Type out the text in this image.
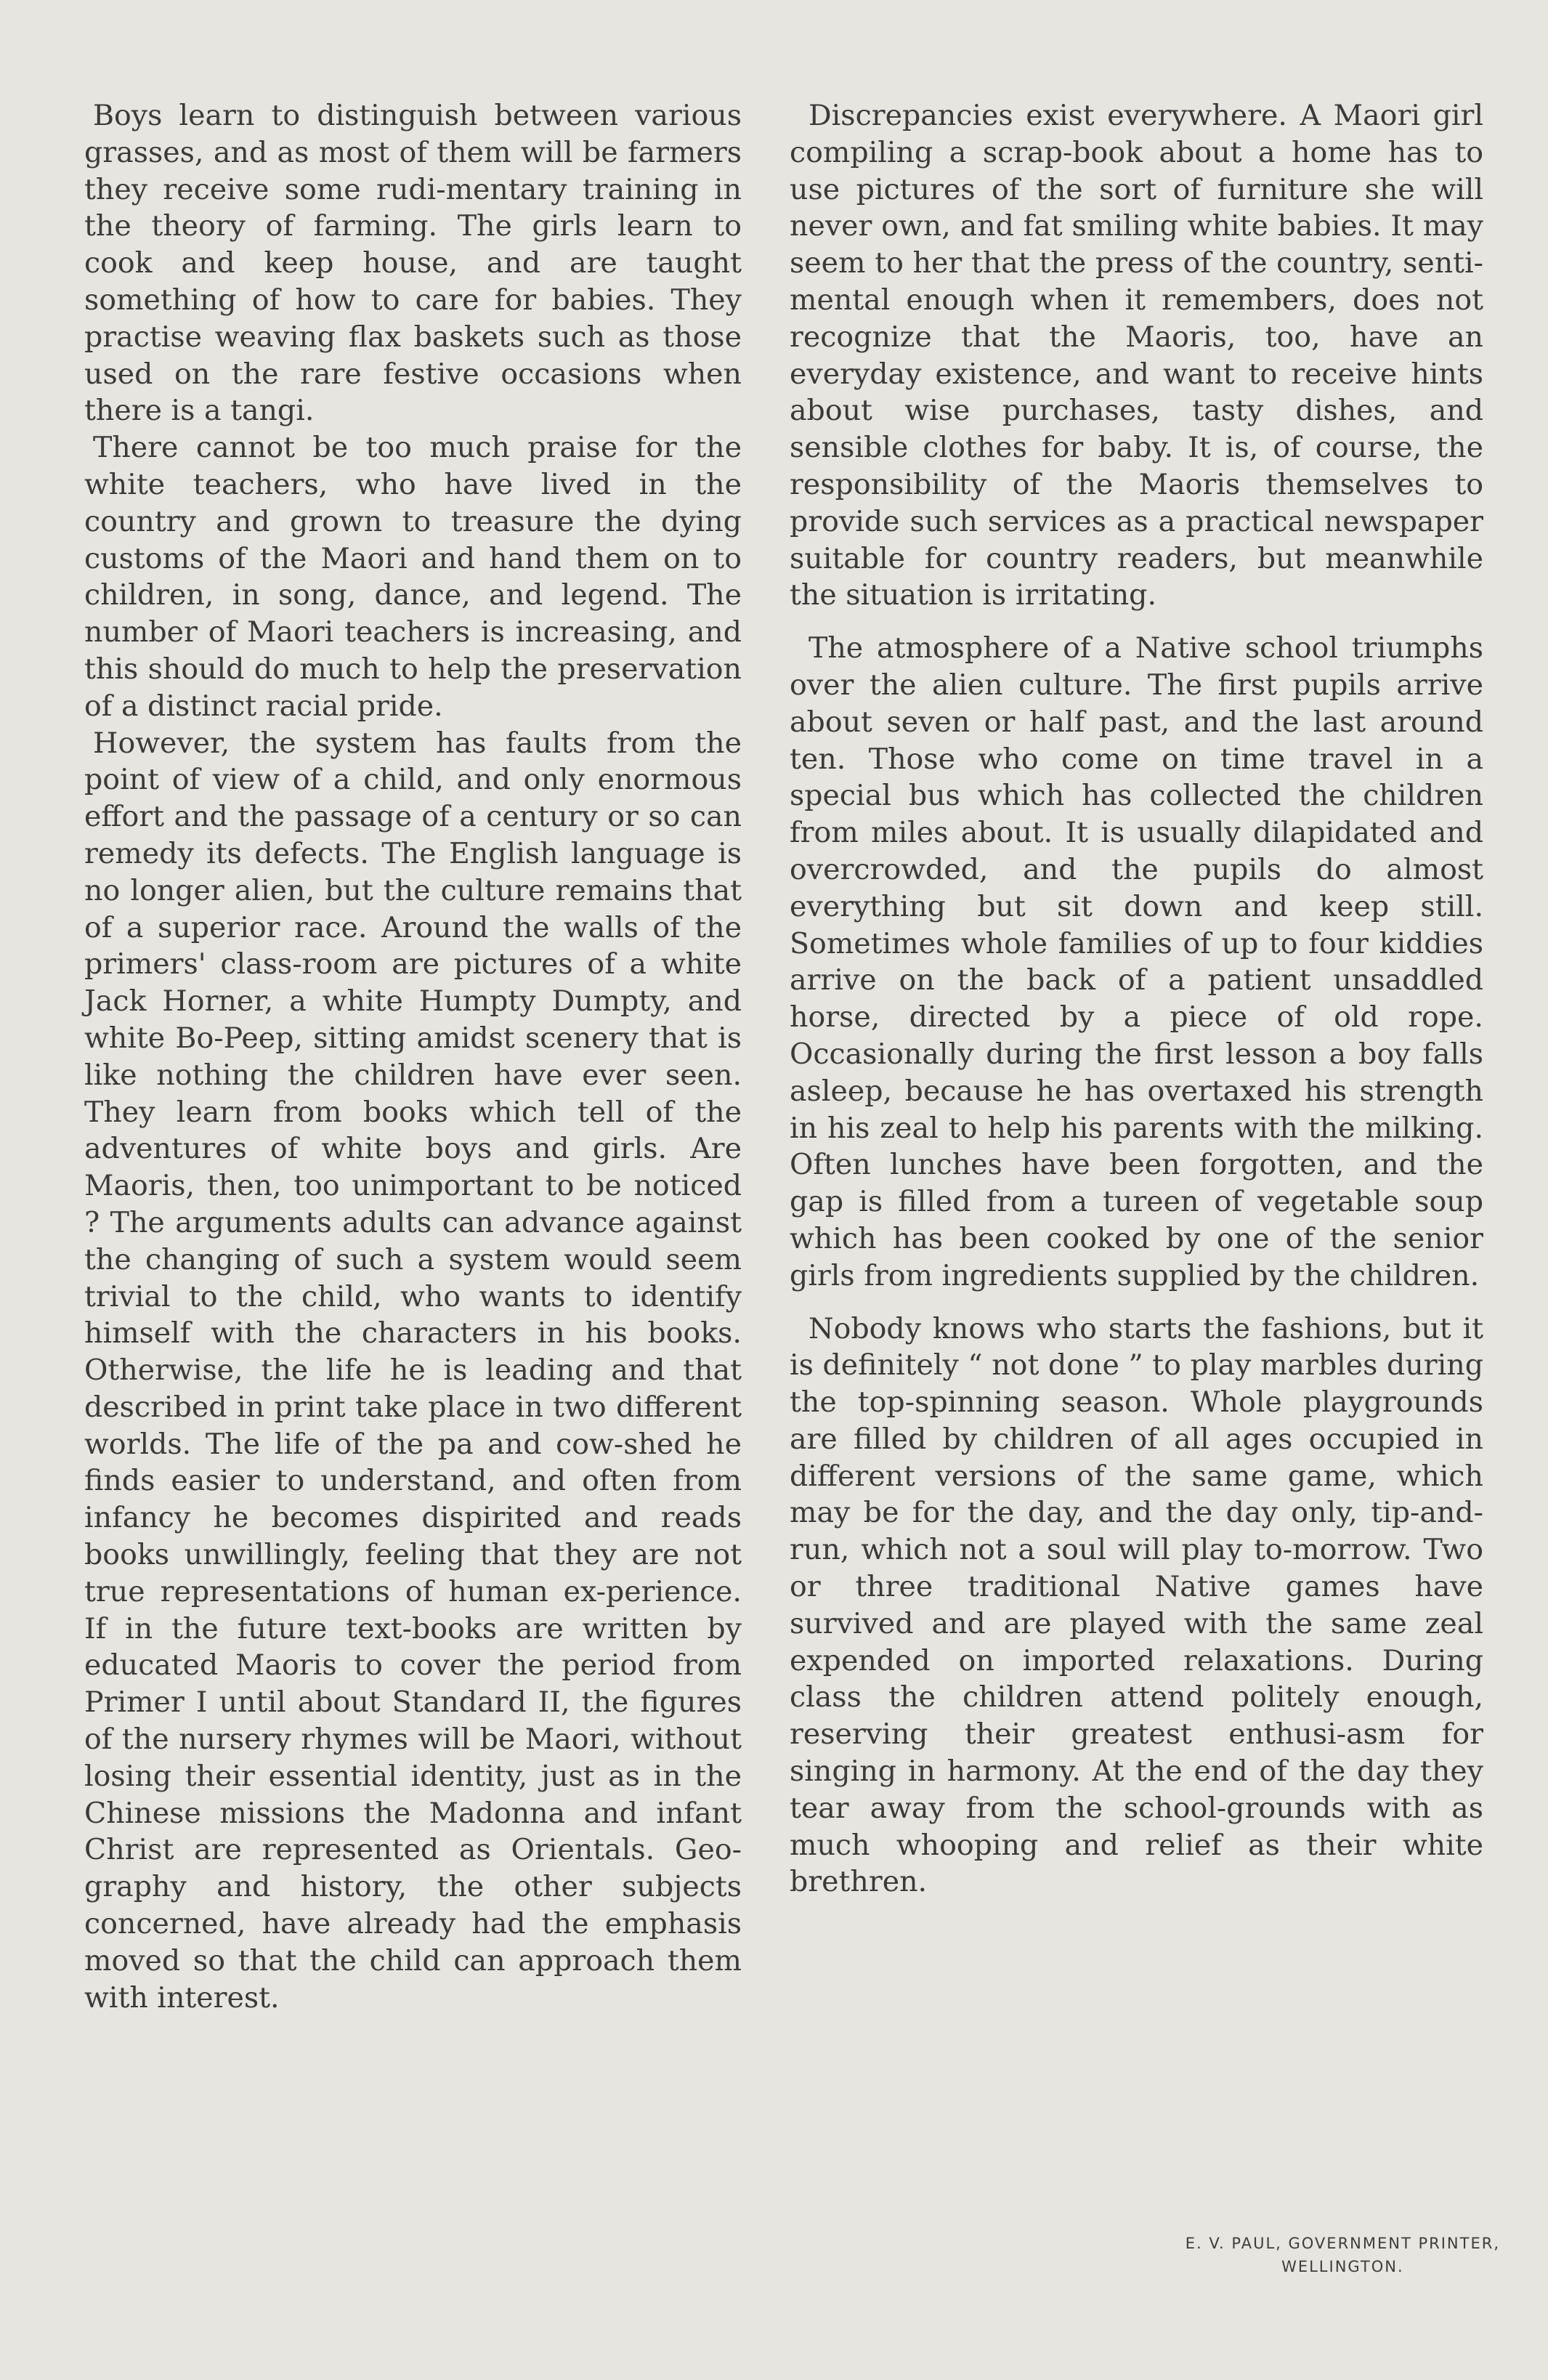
Boys learn to distinguish between various grasses, and as most of them will be farmers they receive some rudi-mentary training in the theory of farming. The girls learn to cook and keep house, and are taught something of how to care for babies. They practise weaving flax baskets such as those used on the rare festive occasions when there is a tangi.

There cannot be too much praise for the white teachers, who have lived in the country and grown to treasure the dying customs of the Maori and hand them on to children, in song, dance, and legend. The number of Maori teachers is increasing, and this should do much to help the preservation of a distinct racial pride.

However, the system has faults from the point of view of a child, and only enormous effort and the passage of a century or so can remedy its defects. The English language is no longer alien, but the culture remains that of a superior race. Around the walls of the primers' class-room are pictures of a white Jack Horner, a white Humpty Dumpty, and white Bo-Peep, sitting amidst scenery that is like nothing the children have ever seen. They learn from books which tell of the adventures of white boys and girls. Are Maoris, then, too unimportant to be noticed ? The arguments adults can advance against the changing of such a system would seem trivial to the child, who wants to identify himself with the characters in his books. Otherwise, the life he is leading and that described in print take place in two different worlds. The life of the pa and cow-shed he finds easier to understand, and often from infancy he becomes dispirited and reads books unwillingly, feeling that they are not true representations of human ex-perience. If in the future text-books are written by educated Maoris to cover the period from Primer I until about Standard II, the figures of the nursery rhymes will be Maori, without losing their essential identity, just as in the Chinese missions the Madonna and infant Christ are represented as Orientals. Geo-graphy and history, the other subjects concerned, have already had the emphasis moved so that the child can approach them with interest.

Discrepancies exist everywhere. A Maori girl compiling a scrap-book about a home has to use pictures of the sort of furniture she will never own, and fat smiling white babies. It may seem to her that the press of the country, senti-mental enough when it remembers, does not recognize that the Maoris, too, have an everyday existence, and want to receive hints about wise purchases, tasty dishes, and sensible clothes for baby. It is, of course, the responsibility of the Maoris themselves to provide such services as a practical newspaper suitable for country readers, but meanwhile the situation is irritating.

The atmosphere of a Native school triumphs over the alien culture. The first pupils arrive about seven or half past, and the last around ten. Those who come on time travel in a special bus which has collected the children from miles about. It is usually dilapidated and overcrowded, and the pupils do almost everything but sit down and keep still. Sometimes whole families of up to four kiddies arrive on the back of a patient unsaddled horse, directed by a piece of old rope. Occasionally during the first lesson a boy falls asleep, because he has overtaxed his strength in his zeal to help his parents with the milking. Often lunches have been forgotten, and the gap is filled from a tureen of vegetable soup which has been cooked by one of the senior girls from ingredients supplied by the children.

Nobody knows who starts the fashions, but it is definitely “ not done ” to play marbles during the top-spinning season. Whole playgrounds are filled by children of all ages occupied in different versions of the same game, which may be for the day, and the day only, tip-and-run, which not a soul will play to-morrow. Two or three traditional Native games have survived and are played with the same zeal expended on imported relaxations. During class the children attend politely enough, reserving their greatest enthusi-asm for singing in harmony. At the end of the day they tear away from the school-grounds with as much whooping and relief as their white brethren.

E. V. PAUL, GOVERNMENT PRINTER,
WELLINGTON.
